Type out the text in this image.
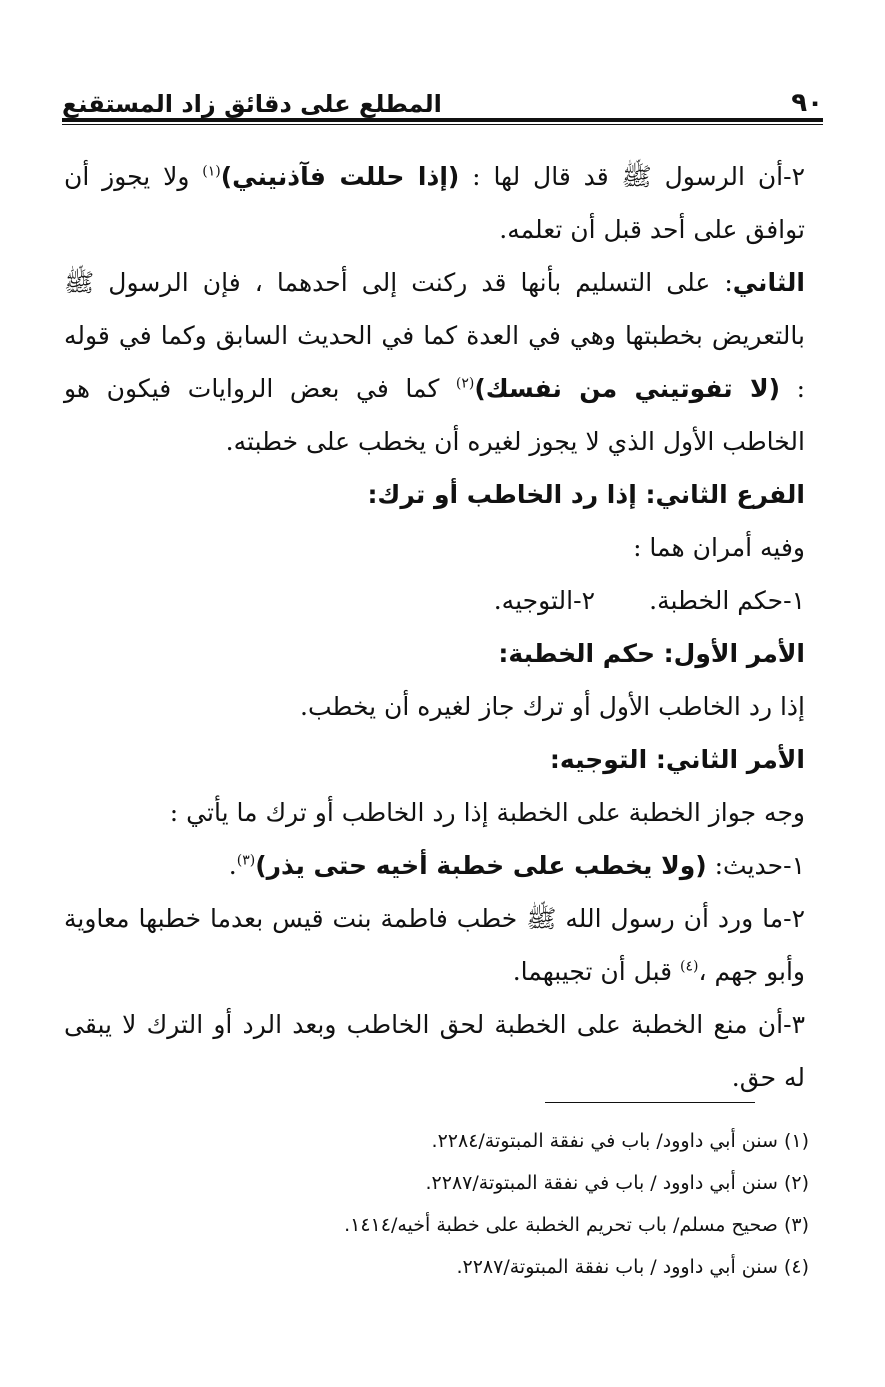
٩٠
المطلع على دقائق زاد المستقنع

٢-أن الرسول ﷺ قد قال لها : (إذا حللت فآذنيني)$^{(١)}$ ولا يجوز أن توافق على أحد قبل أن تعلمه.

الثاني: على التسليم بأنها قد ركنت إلى أحدهما ، فإن الرسول ﷺ بالتعريض بخطبتها وهي في العدة كما في الحديث السابق وكما في قوله : (لا تفوتيني من نفسك)$^{(٢)}$ كما في بعض الروايات فيكون هو الخاطب الأول الذي لا يجوز لغيره أن يخطب على خطبته.

الفرع الثاني: إذا رد الخاطب أو ترك:

وفيه أمران هما :

١-حكم الخطبة.
٢-التوجيه.

الأمر الأول: حكم الخطبة:

إذا رد الخاطب الأول أو ترك جاز لغيره أن يخطب.

الأمر الثاني: التوجيه:

وجه جواز الخطبة على الخطبة إذا رد الخاطب أو ترك ما يأتي :

١-حديث: (ولا يخطب على خطبة أخيه حتى يذر)$^{(٣)}$.

٢-ما ورد أن رسول الله ﷺ خطب فاطمة بنت قيس بعدما خطبها معاوية وأبو جهم ،$^{(٤)}$ قبل أن تجيبهما.

٣-أن منع الخطبة على الخطبة لحق الخاطب وبعد الرد أو الترك لا يبقى له حق.

(١) سنن أبي داوود/ باب في نفقة المبتوتة/٢٢٨٤.

(٢) سنن أبي داوود / باب في نفقة المبتوتة/٢٢٨٧.

(٣) صحيح مسلم/ باب تحريم الخطبة على خطبة أخيه/١٤١٤.

(٤) سنن أبي داوود / باب نفقة المبتوتة/٢٢٨٧.
